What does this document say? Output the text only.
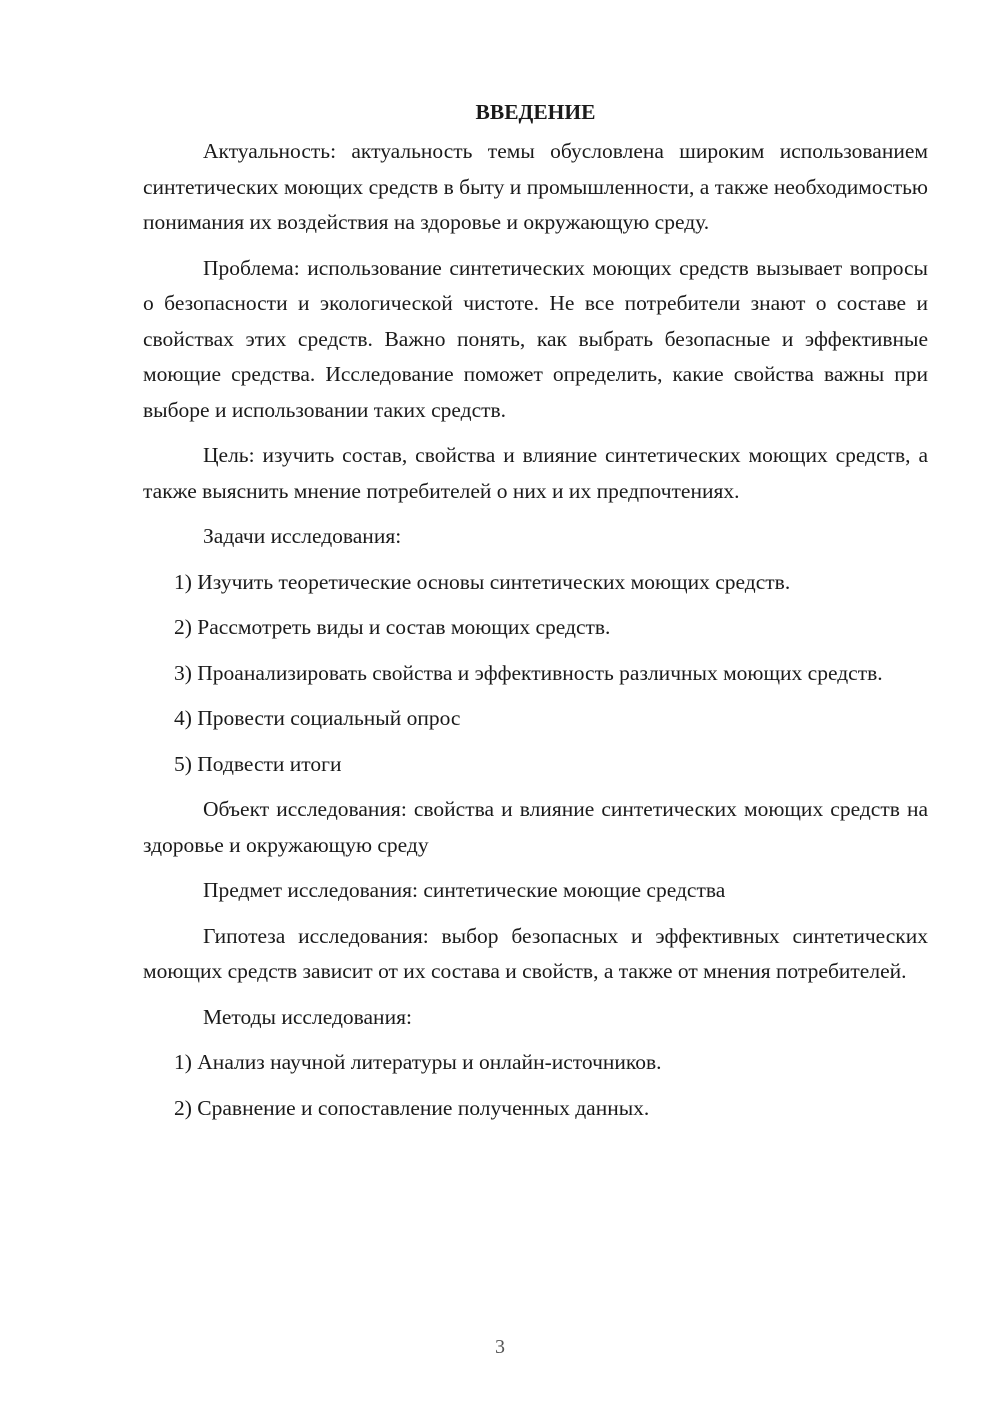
ВВЕДЕНИЕ

Актуальность: актуальность темы обусловлена широким использованием синтетических моющих средств в быту и промышленности, а также необходимостью понимания их воздействия на здоровье и окружающую среду.

Проблема: использование синтетических моющих средств вызывает вопросы о безопасности и экологической чистоте. Не все потребители знают о составе и свойствах этих средств. Важно понять, как выбрать безопасные и эффективные моющие средства. Исследование поможет определить, какие свойства важны при выборе и использовании таких средств.

Цель: изучить состав, свойства и влияние синтетических моющих средств, а также выяснить мнение потребителей о них и их предпочтениях.

Задачи исследования:

1) Изучить теоретические основы синтетических моющих средств.

2) Рассмотреть виды и состав моющих средств.

3) Проанализировать свойства и эффективность различных моющих средств.

4) Провести социальный опрос

5) Подвести итоги

Объект исследования: свойства и влияние синтетических моющих средств на здоровье и окружающую среду

Предмет исследования: синтетические моющие средства

Гипотеза исследования: выбор безопасных и эффективных синтетических моющих средств зависит от их состава и свойств, а также от мнения потребителей.

Методы исследования:

1) Анализ научной литературы и онлайн-источников.

2) Сравнение и сопоставление полученных данных.

3
